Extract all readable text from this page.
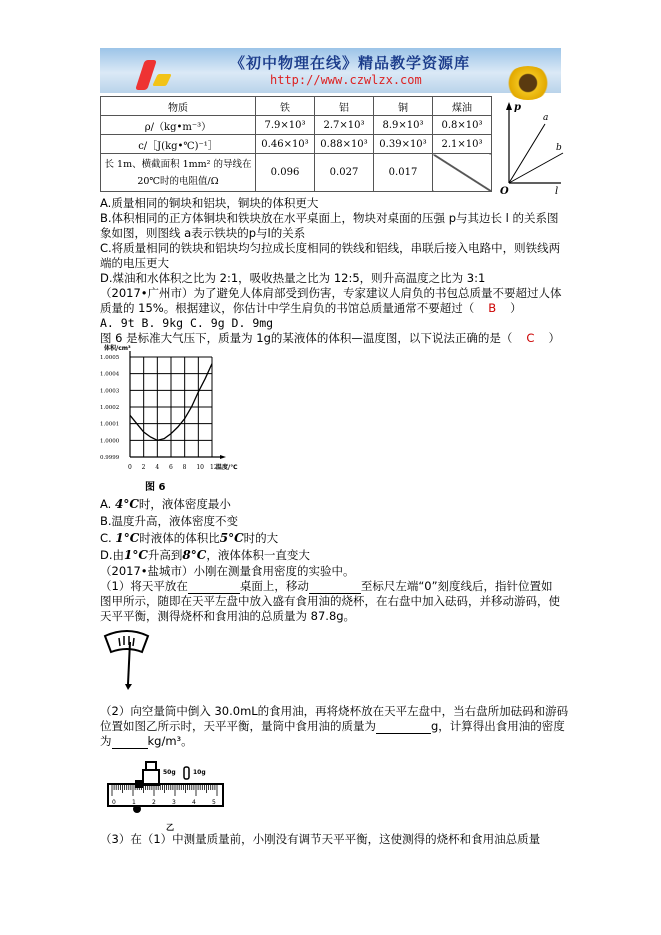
《初中物理在线》精品教学资源库
http://www.czwlzx.com
物质	铁	铝	铜	煤油
ρ/（kg•m⁻³）	7.9×10³	2.7×10³	8.9×10³	0.8×10³
c/［J(kg•℃)⁻¹］	0.46×10³	0.88×10³	0.39×10³	2.1×10³
长 1m、横截面积 1mm² 的导线在 20℃时的电阻值/Ω	0.096	0.027	0.017	
p
a
b
O	l
A.质量相同的铜块和铝块，铜块的体积更大
B.体积相同的正方体铜块和铁块放在水平桌面上，物块对桌面的压强 p与其边长 l 的关系图
象如图，则图线 a表示铁块的p与l的关系
C.将质量相同的铁块和铝块均匀拉成长度相同的铁线和铝线，串联后接入电路中，则铁线两
端的电压更大
D.煤油和水体积之比为 2:1，吸收热量之比为 12:5，则升高温度之比为 3:1
（2017•广州市）为了避免人体肩部受到伤害，专家建议人肩负的书包总质量不要超过人体
质量的 15%。根据建议，你估计中学生肩负的书馆总质量通常不要超过（ B ）
A. 9t B. 9kg C. 9g D. 9mg
图 6 是标准大气压下，质量为 1g的某液体的体积—温度图，以下说法正确的是（ C ）
0 2 4 6 8 10 12
0.9999
1.0000
1.0001
1.0002
1.0003
1.0004
1.0005
体积/cm³
温度/℃
图 6
A. 4°C时，液体密度最小
B.温度升高，液体密度不变
C. 1°C时液体的体积比5°C时的大
D.由1°C升高到8°C，液体体积一直变大
（2017•盐城市）小刚在测量食用密度的实验中。
（1）将天平放在	桌面上，移动	至标尺左端“0”刻度线后，指针位置如
图甲所示，随即在天平左盘中放入盛有食用油的烧杯，在右盘中加入砝码，并移动游码，使
天平平衡，测得烧杯和食用油的总质量为 87.8g。
（2）向空量筒中倒入 30.0mL的食用油，再将烧杯放在天平左盘中，当右盘所加砝码和游码
位置如图乙所示时，天平平衡，量筒中食用油的质量为	g，计算得出食用油的密度
为	kg/m³。
50g	10g
0	1	2	3	4	5
乙
（3）在（1）中测量质量前，小刚没有调节天平平衡，这使测得的烧杯和食用油总质量
